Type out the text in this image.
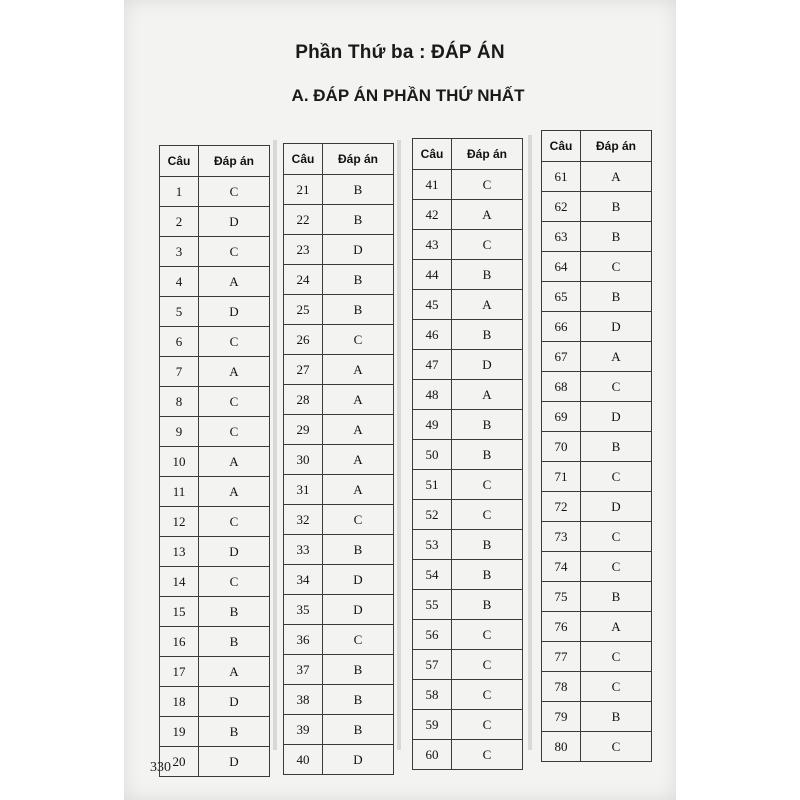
Phần Thứ ba : ĐÁP ÁN
A. ĐÁP ÁN PHẦN THỨ NHẤT
Câu	Đáp án
1	C
2	D
3	C
4	A
5	D
6	C
7	A
8	C
9	C
10	A
11	A
12	C
13	D
14	C
15	B
16	B
17	A
18	D
19	B
20	D
Câu	Đáp án
21	B
22	B
23	D
24	B
25	B
26	C
27	A
28	A
29	A
30	A
31	A
32	C
33	B
34	D
35	D
36	C
37	B
38	B
39	B
40	D
Câu	Đáp án
41	C
42	A
43	C
44	B
45	A
46	B
47	D
48	A
49	B
50	B
51	C
52	C
53	B
54	B
55	B
56	C
57	C
58	C
59	C
60	C
Câu	Đáp án
61	A
62	B
63	B
64	C
65	B
66	D
67	A
68	C
69	D
70	B
71	C
72	D
73	C
74	C
75	B
76	A
77	C
78	C
79	B
80	C
330
